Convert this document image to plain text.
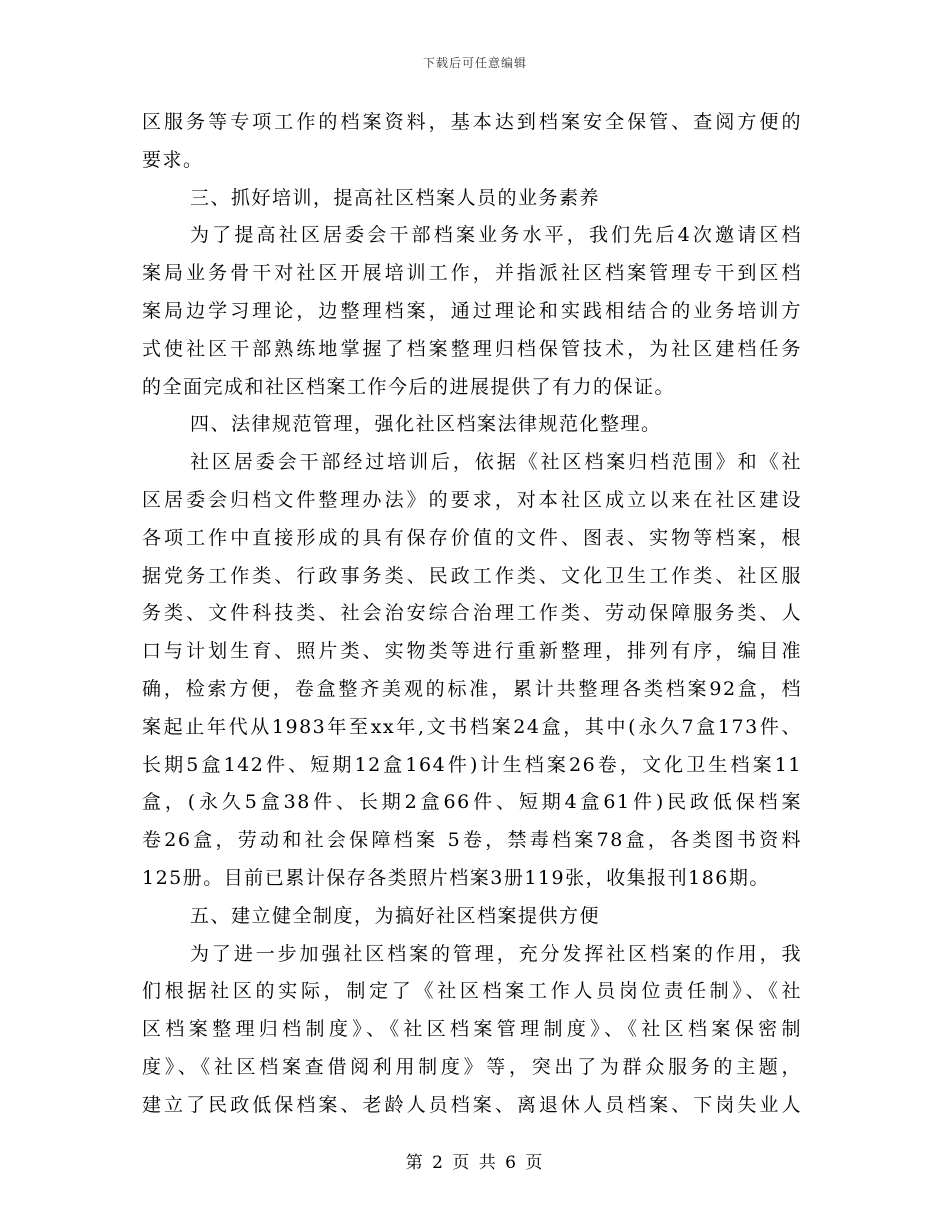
下载后可任意编辑
区服务等专项工作的档案资料，基本达到档案安全保管、查阅方便的
要求。
三、抓好培训，提高社区档案人员的业务素养
为了提高社区居委会干部档案业务水平，我们先后4次邀请区档
案局业务骨干对社区开展培训工作，并指派社区档案管理专干到区档
案局边学习理论，边整理档案，通过理论和实践相结合的业务培训方
式使社区干部熟练地掌握了档案整理归档保管技术，为社区建档任务
的全面完成和社区档案工作今后的进展提供了有力的保证。
四、法律规范管理，强化社区档案法律规范化整理。
社区居委会干部经过培训后，依据《社区档案归档范围》和《社
区居委会归档文件整理办法》的要求，对本社区成立以来在社区建设
各项工作中直接形成的具有保存价值的文件、图表、实物等档案，根
据党务工作类、行政事务类、民政工作类、文化卫生工作类、社区服
务类、文件科技类、社会治安综合治理工作类、劳动保障服务类、人
口与计划生育、照片类、实物类等进行重新整理，排列有序，编目准
确，检索方便，卷盒整齐美观的标准，累计共整理各类档案92盒，档
案起止年代从1983年至xx年,文书档案24盒，其中(永久7盒173件、
长期5盒142件、短期12盒164件)计生档案26卷，文化卫生档案11
盒，(永久5盒38件、长期2盒66件、短期4盒61件)民政低保档案
卷26盒，劳动和社会保障档案 5卷，禁毒档案78盒，各类图书资料
125册。目前已累计保存各类照片档案3册119张，收集报刊186期。
五、建立健全制度，为搞好社区档案提供方便
为了进一步加强社区档案的管理，充分发挥社区档案的作用，我
们根据社区的实际，制定了《社区档案工作人员岗位责任制》、《社
区档案整理归档制度》、《社区档案管理制度》、《社区档案保密制
度》、《社区档案查借阅利用制度》等，突出了为群众服务的主题，
建立了民政低保档案、老龄人员档案、离退休人员档案、下岗失业人
第 2 页 共 6 页
